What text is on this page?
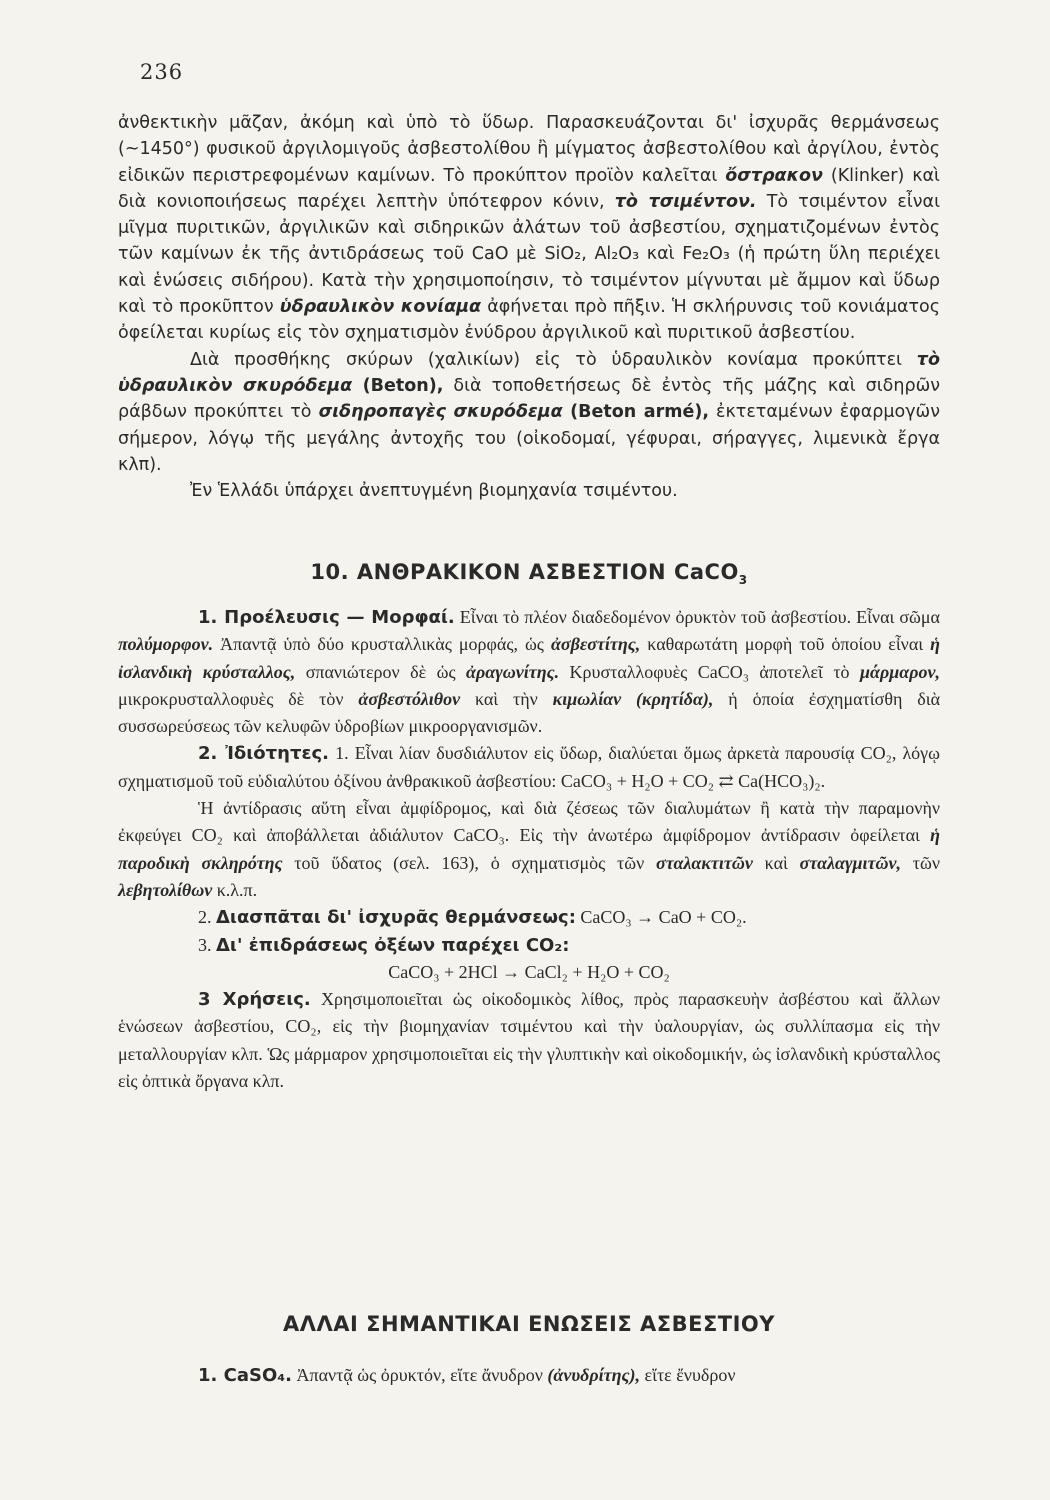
236

ἀνθεκτικὴν μᾶζαν, ἀκόμη καὶ ὑπὸ τὸ ὕδωρ. Παρασκευάζονται δι' ἰσχυρᾶς θερμάνσεως (~1450°) φυσικοῦ ἀργιλομιγοῦς ἀσβεστολίθου ἢ μίγματος ἀσβεστολίθου καὶ ἀργίλου, ἐντὸς εἰδικῶν περιστρεφομένων καμίνων. Τὸ προκύπτον προϊὸν καλεῖται ὄστρακον (Klinker) καὶ διὰ κονιοποιήσεως παρέχει λεπτὴν ὑπότεφρον κόνιν, τὸ τσιμέντον. Τὸ τσιμέντον εἶναι μῖγμα πυριτικῶν, ἀργιλικῶν καὶ σιδηρικῶν ἀλάτων τοῦ ἀσβεστίου, σχηματιζομένων ἐντὸς τῶν καμίνων ἐκ τῆς ἀντιδράσεως τοῦ CaO μὲ SiO₂, Al₂O₃ καὶ Fe₂O₃ (ἡ πρώτη ὕλη περιέχει καὶ ἑνώσεις σιδήρου). Κατὰ τὴν χρησιμοποίησιν, τὸ τσιμέντον μίγνυται μὲ ἄμμον καὶ ὕδωρ καὶ τὸ προκῦπτον ὑδραυλικὸν κονίαμα ἀφήνεται πρὸ πῆξιν. Ἡ σκλήρυνσις τοῦ κονιάματος ὀφείλεται κυρίως εἰς τὸν σχηματισμὸν ἐνύδρου ἀργιλικοῦ καὶ πυριτικοῦ ἀσβεστίου.

Διὰ προσθήκης σκύρων (χαλικίων) εἰς τὸ ὑδραυλικὸν κονίαμα προκύπτει τὸ ὑδραυλικὸν σκυρόδεμα (Beton), διὰ τοποθετήσεως δὲ ἐντὸς τῆς μάζης καὶ σιδηρῶν ράβδων προκύπτει τὸ σιδηροπαγὲς σκυρόδεμα (Beton armé), ἐκτεταμένων ἐφαρμογῶν σήμερον, λόγῳ τῆς μεγάλης ἀντοχῆς του (οἰκοδομαί, γέφυραι, σήραγγες, λιμενικὰ ἔργα κλπ).

Ἐν Ἑλλάδι ὑπάρχει ἀνεπτυγμένη βιομηχανία τσιμέντου.

10. ΑΝΘΡΑΚΙΚΟΝ ΑΣΒΕΣΤΙΟΝ CaCO$_3$

1. Προέλευσις — Μορφαί. Εἶναι τὸ πλέον διαδεδομένον ὀρυκτὸν τοῦ ἀσβεστίου. Εἶναι σῶμα πολύμορφον. Ἀπαντᾷ ὑπὸ δύο κρυσταλλικὰς μορφάς, ὡς ἀσβεστίτης, καθαρωτάτη μορφὴ τοῦ ὁποίου εἶναι ἡ ἰσλανδικὴ κρύσταλλος, σπανιώτερον δὲ ὡς ἀραγωνίτης. Κρυσταλλοφυὲς CaCO₃ ἀποτελεῖ τὸ μάρμαρον, μικροκρυσταλλοφυὲς δὲ τὸν ἀσβεστόλιθον καὶ τὴν κιμωλίαν (κρητίδα), ἡ ὁποία ἐσχηματίσθη διὰ συσσωρεύσεως τῶν κελυφῶν ὑδροβίων μικροοργανισμῶν.

2. Ἰδιότητες. 1. Εἶναι λίαν δυσδιάλυτον εἰς ὕδωρ, διαλύεται ὅμως ἀρκετὰ παρουσίᾳ CO₂, λόγῳ σχηματισμοῦ τοῦ εὐδιαλύτου ὀξίνου ἀνθρακικοῦ ἀσβεστίου: CaCO₃ + H₂O + CO₂ ⇄ Ca(HCO₃)₂.

Ἡ ἀντίδρασις αὕτη εἶναι ἀμφίδρομος, καὶ διὰ ζέσεως τῶν διαλυμάτων ἢ κατὰ τὴν παραμονὴν ἐκφεύγει CO₂ καὶ ἀποβάλλεται ἀδιάλυτον CaCO₃. Εἰς τὴν ἀνωτέρω ἀμφίδρομον ἀντίδρασιν ὀφείλεται ἡ παροδικὴ σκληρότης τοῦ ὕδατος (σελ. 163), ὁ σχηματισμὸς τῶν σταλακτιτῶν καὶ σταλαγμιτῶν, τῶν λεβητολίθων κ.λ.π.

2. Διασπᾶται δι' ἰσχυρᾶς θερμάνσεως: CaCO₃ → CaO + CO₂.

3. Δι' ἐπιδράσεως ὀξέων παρέχει CO₂:

CaCO₃ + 2HCl → CaCl₂ + H₂O + CO₂

3 Χρήσεις. Χρησιμοποιεῖται ὡς οἰκοδομικὸς λίθος, πρὸς παρασκευὴν ἀσβέστου καὶ ἄλλων ἑνώσεων ἀσβεστίου, CO₂, εἰς τὴν βιομηχανίαν τσιμέντου καὶ τὴν ὑαλουργίαν, ὡς συλλίπασμα εἰς τὴν μεταλλουργίαν κλπ. Ὡς μάρμαρον χρησιμοποιεῖται εἰς τὴν γλυπτικὴν καὶ οἰκοδομικήν, ὡς ἰσλανδικὴ κρύσταλλος εἰς ὀπτικὰ ὄργανα κλπ.

ΑΛΛΑΙ ΣΗΜΑΝΤΙΚΑΙ ΕΝΩΣΕΙΣ ΑΣΒΕΣΤΙΟΥ

1. CaSO₄. Ἀπαντᾷ ὡς ὀρυκτόν, εἴτε ἄνυδρον (ἀνυδρίτης), εἴτε ἔνυδρον
